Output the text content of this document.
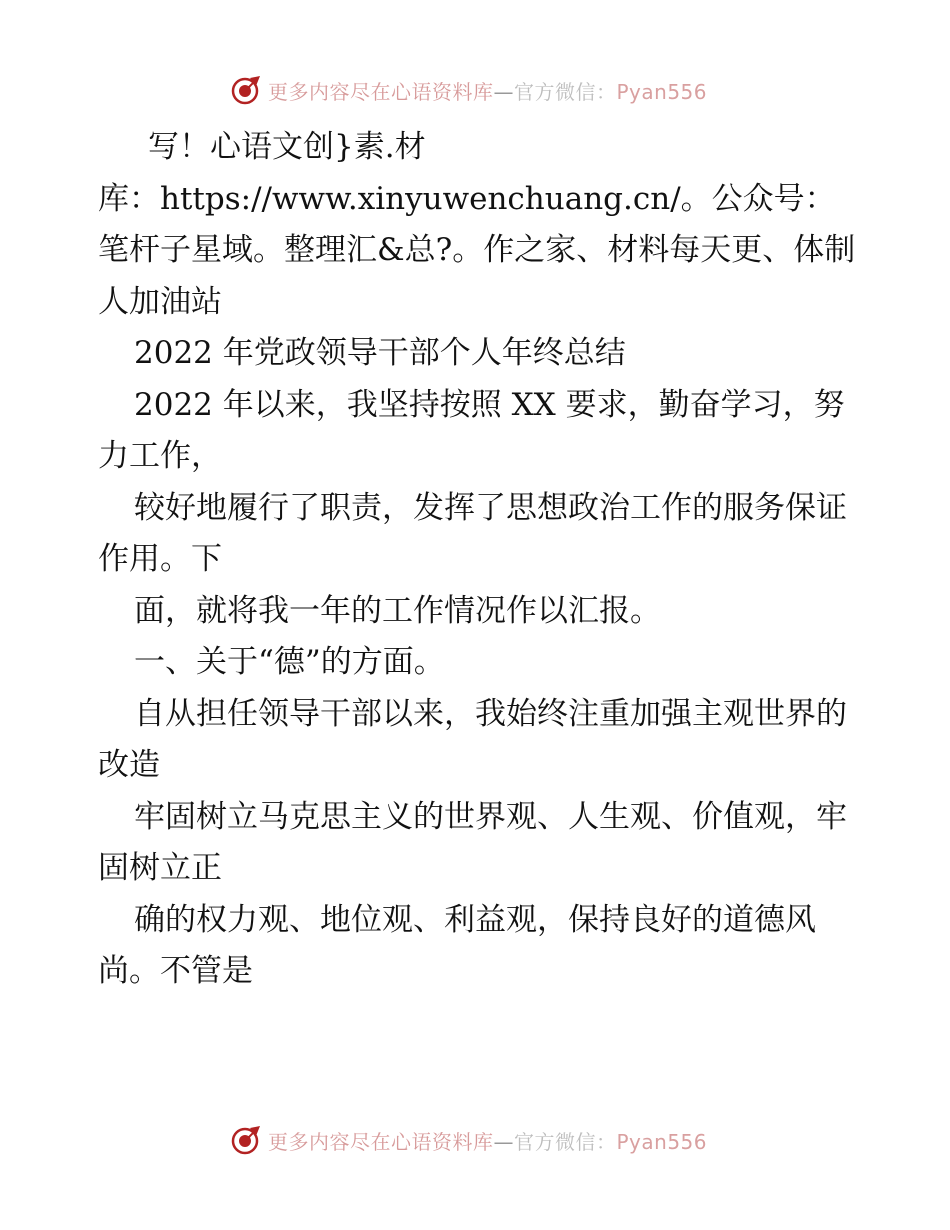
更多内容尽在心语资料库—官方微信：Pyan556

写！心语文创}素.材

库：https://www.xinyuwenchuang.cn/。公众号：笔杆子星域。整理汇&总?。作之家、材料每天更、体制人加油站

2022 年党政领导干部个人年终总结

2022 年以来，我坚持按照 XX 要求，勤奋学习，努力工作，

较好地履行了职责，发挥了思想政治工作的服务保证作用。下

面，就将我一年的工作情况作以汇报。

一、关于“德”的方面。

自从担任领导干部以来，我始终注重加强主观世界的改造

牢固树立马克思主义的世界观、人生观、价值观，牢固树立正

确的权力观、地位观、利益观，保持良好的道德风尚。不管是

更多内容尽在心语资料库—官方微信：Pyan556
